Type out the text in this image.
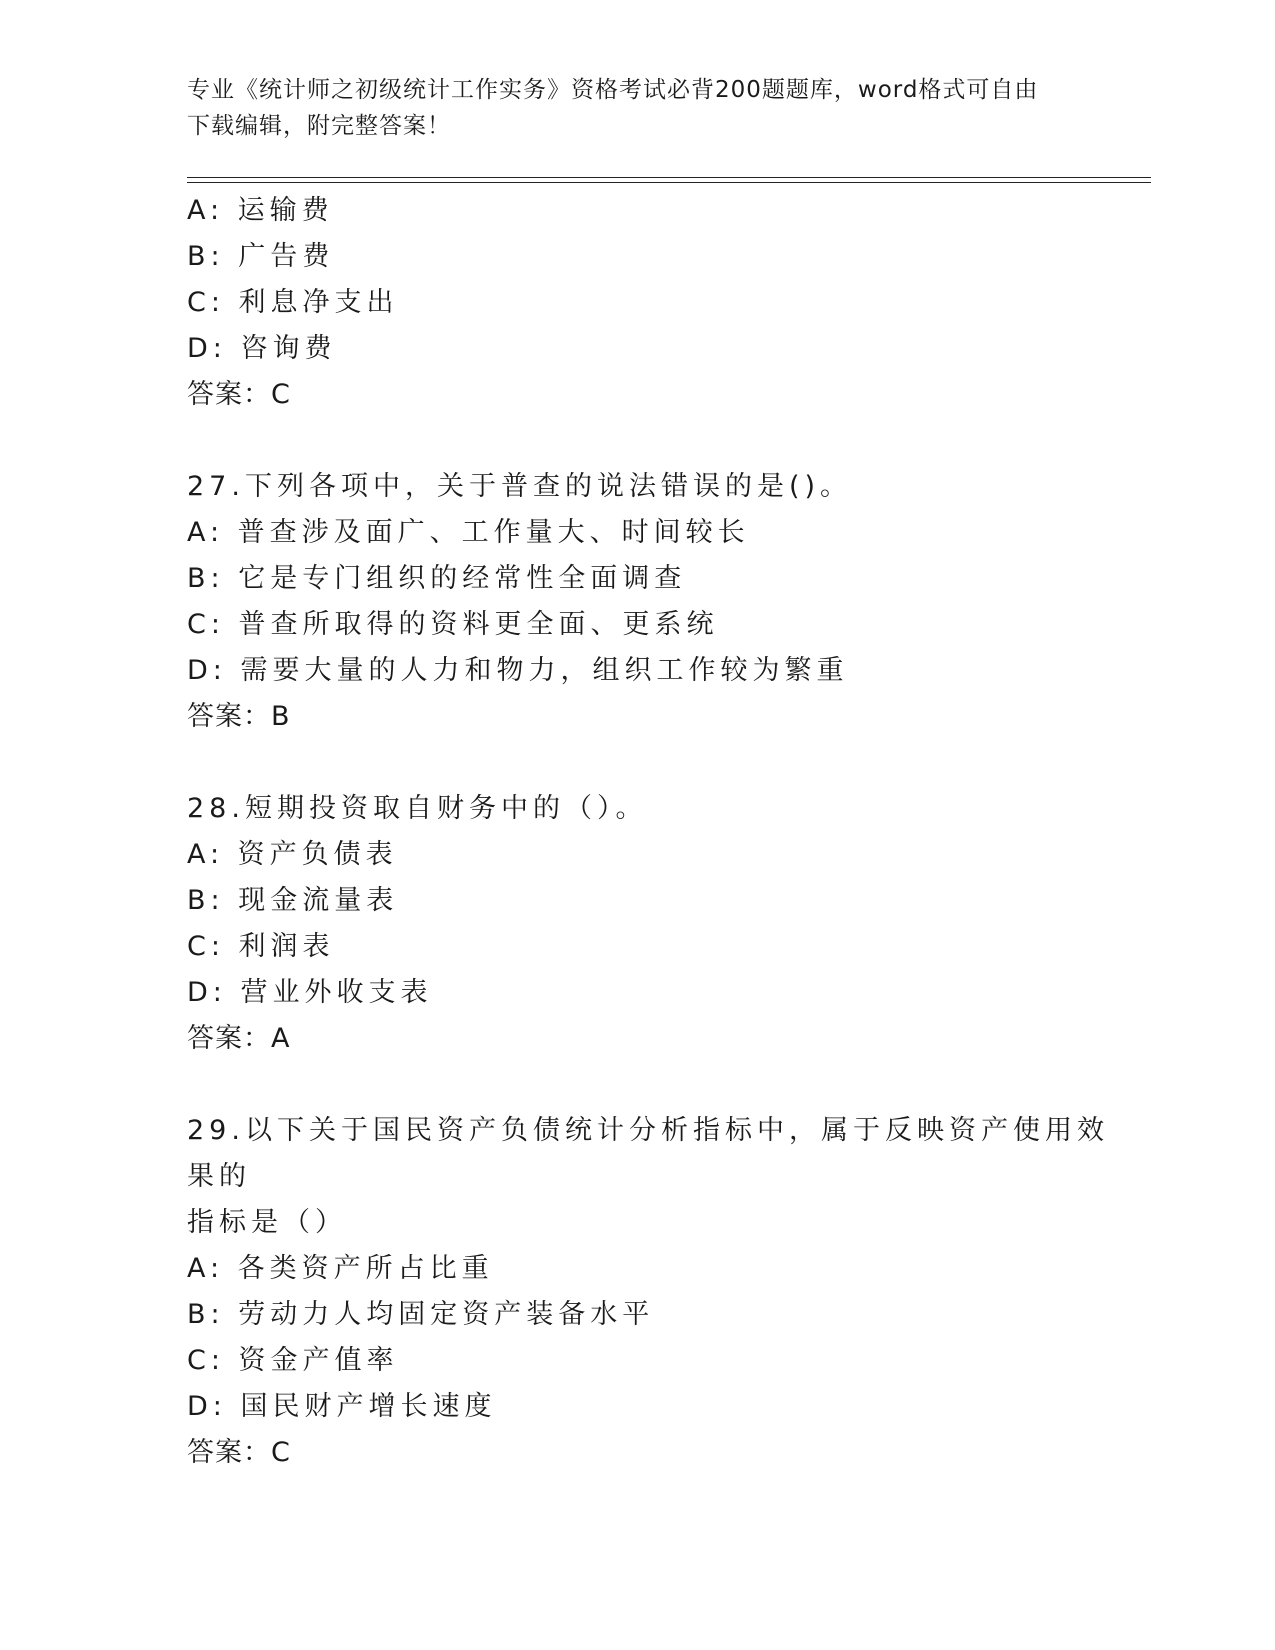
专业《统计师之初级统计工作实务》资格考试必背200题题库，word格式可自由
下载编辑，附完整答案！
A: 运输费
B: 广告费
C: 利息净支出
D: 咨询费
答案：C
27.下列各项中，关于普查的说法错误的是()。
A: 普查涉及面广、工作量大、时间较长
B: 它是专门组织的经常性全面调查
C: 普查所取得的资料更全面、更系统
D: 需要大量的人力和物力，组织工作较为繁重
答案：B
28.短期投资取自财务中的（）。
A: 资产负债表
B: 现金流量表
C: 利润表
D: 营业外收支表
答案：A
29.以下关于国民资产负债统计分析指标中，属于反映资产使用效果的
指标是（）
A: 各类资产所占比重
B: 劳动力人均固定资产装备水平
C: 资金产值率
D: 国民财产增长速度
答案：C
